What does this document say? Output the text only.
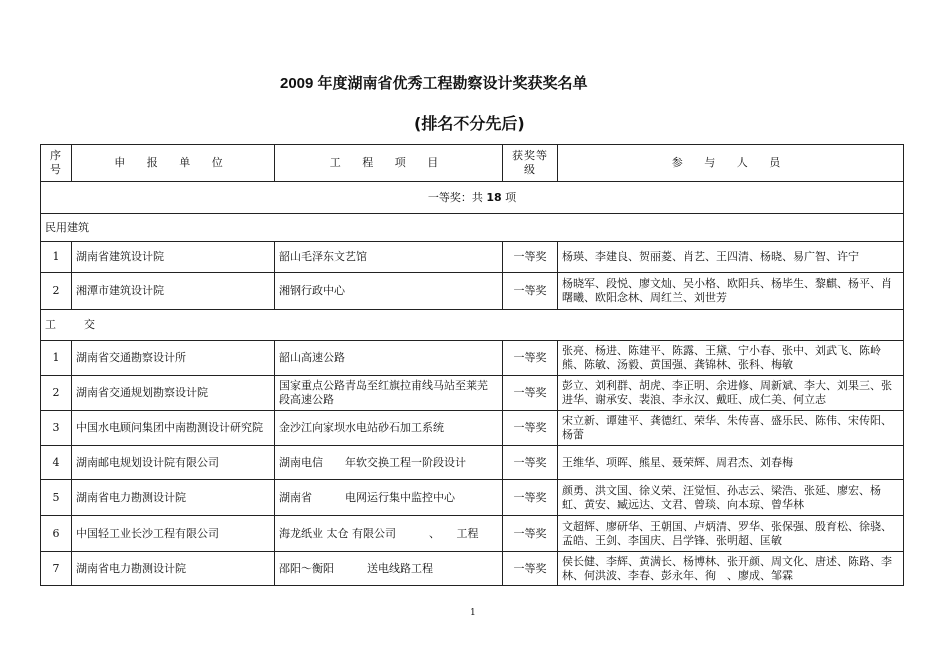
2009 年度湖南省优秀工程勘察设计奖获奖名单
(排名不分先后)
序号	申 报 单 位	工 程 项 目	获奖等级	参 与 人 员
一等奖：共 18 项				
民用建筑				
1	湖南省建筑设计院	韶山毛泽东文艺馆	一等奖	杨瑛、李建良、贺丽菱、肖艺、王四清、杨晓、易广智、许宁
2	湘潭市建筑设计院	湘钢行政中心	一等奖	杨晓军、段悦、廖文灿、吴小格、欧阳兵、杨毕生、黎麒、杨平、肖曙曦、欧阳念林、周红兰、刘世芳
工交				
1	湖南省交通勘察设计所	韶山高速公路	一等奖	张亮、杨进、陈建平、陈露、王黛、宁小春、张中、刘武飞、陈岭熊、陈敏、汤毅、黄国强、龚锦林、张科、梅敏
2	湖南省交通规划勘察设计院	国家重点公路青岛至红旗拉甫线马站至莱芜段高速公路	一等奖	彭立、刘利群、胡虎、李正明、余进修、周新斌、李大、刘果三、张进华、谢承安、裴浪、李永汉、戴旺、成仁美、何立志
3	中国水电顾问集团中南勘测设计研究院	金沙江向家坝水电站砂石加工系统	一等奖	宋立新、谭建平、龚德红、荣华、朱传喜、盛乐民、陈伟、宋传阳、杨蕾
4	湖南邮电规划设计院有限公司	湖南电信　　年软交换工程一阶段设计	一等奖	王维华、项晖、熊星、聂荣辉、周君杰、刘春梅
5	湖南省电力勘测设计院	湖南省　　　电网运行集中监控中心	一等奖	颜勇、洪文国、徐义荣、汪觉恒、孙志云、梁浩、张延、廖宏、杨虹、黄安、臧远达、文君、曾琰、向本琼、曾华林
6	中国轻工业长沙工程有限公司	海龙纸业 太仓 有限公司　　　、　　工程	一等奖	文超辉、廖研华、王朝国、卢炳清、罗华、张保强、殷育松、徐骁、孟皓、王剑、李国庆、吕学锋、张明超、匡敏
7	湖南省电力勘测设计院	邵阳～衡阳　　　送电线路工程	一等奖	侯长健、李辉、黄满长、杨博林、张开颜、周文化、唐述、陈路、李林、何洪波、李春、彭永年、徇　、廖成、邹霖
1
